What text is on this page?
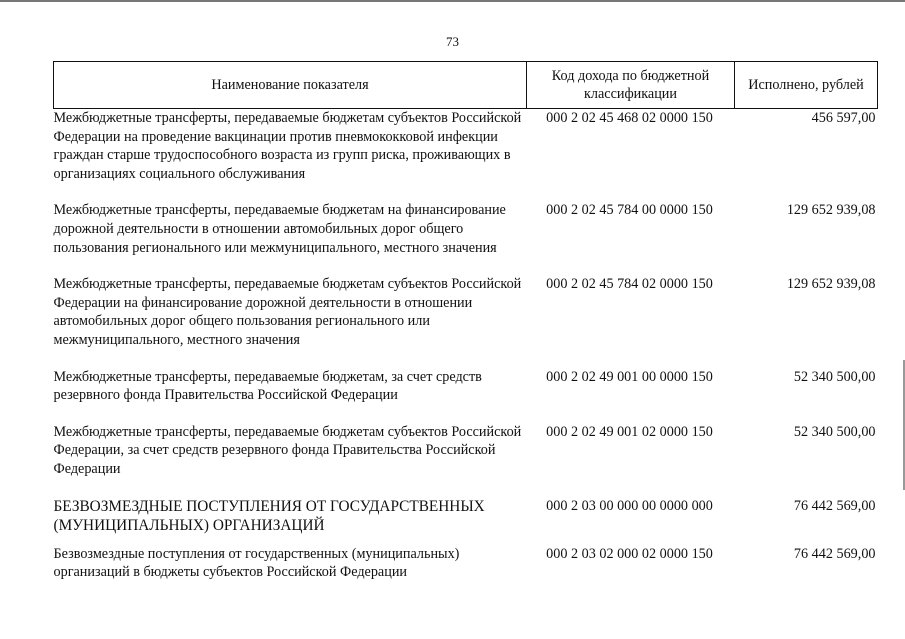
73
Наименование показателя	Код дохода по бюджетной классификации	Исполнено, рублей
Межбюджетные трансферты, передаваемые бюджетам субъектов Российской Федерации на проведение вакцинации против пневмококковой инфекции граждан старше трудоспособного возраста из групп риска, проживающих в организациях социального обслуживания	000 2 02 45 468 02 0000 150	456 597,00
Межбюджетные трансферты, передаваемые бюджетам на финансирование дорожной деятельности в отношении автомобильных дорог общего пользования регионального или межмуниципального, местного значения	000 2 02 45 784 00 0000 150	129 652 939,08
Межбюджетные трансферты, передаваемые бюджетам субъектов Российской Федерации на финансирование дорожной деятельности в отношении автомобильных дорог общего пользования регионального или межмуниципального, местного значения	000 2 02 45 784 02 0000 150	129 652 939,08
Межбюджетные трансферты, передаваемые бюджетам, за счет средств резервного фонда Правительства Российской Федерации	000 2 02 49 001 00 0000 150	52 340 500,00
Межбюджетные трансферты, передаваемые бюджетам субъектов Российской Федерации, за счет средств резервного фонда Правительства Российской Федерации	000 2 02 49 001 02 0000 150	52 340 500,00
БЕЗВОЗМЕЗДНЫЕ ПОСТУПЛЕНИЯ ОТ ГОСУДАРСТВЕННЫХ (МУНИЦИПАЛЬНЫХ) ОРГАНИЗАЦИЙ	000 2 03 00 000 00 0000 000	76 442 569,00
Безвозмездные поступления от государственных (муниципальных) организаций в бюджеты субъектов Российской Федерации	000 2 03 02 000 02 0000 150	76 442 569,00
